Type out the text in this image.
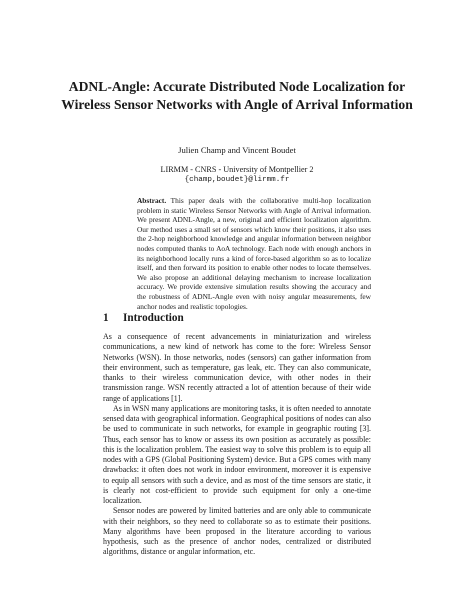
ADNL-Angle: Accurate Distributed Node Localization for Wireless Sensor Networks with Angle of Arrival Information
Julien Champ and Vincent Boudet
LIRMM - CNRS - University of Montpellier 2
{champ,boudet}@lirmm.fr
Abstract. This paper deals with the collaborative multi-hop localization problem in static Wireless Sensor Networks with Angle of Arrival information. We present ADNL-Angle, a new, original and efficient localization algorithm. Our method uses a small set of sensors which know their positions, it also uses the 2-hop neighborhood knowledge and angular information between neighbor nodes computed thanks to AoA technology. Each node with enough anchors in its neighborhood locally runs a kind of force-based algorithm so as to localize itself, and then forward its position to enable other nodes to locate themselves. We also propose an additional delaying mechanism to increase localization accuracy. We provide extensive simulation results showing the accuracy and the robustness of ADNL-Angle even with noisy angular measurements, few anchor nodes and realistic topologies.
1 Introduction

As a consequence of recent advancements in miniaturization and wireless communications, a new kind of network has come to the fore: Wireless Sensor Networks (WSN). In those networks, nodes (sensors) can gather information from their environment, such as temperature, gas leak, etc. They can also communicate, thanks to their wireless communication device, with other nodes in their transmission range. WSN recently attracted a lot of attention because of their wide range of applications [1].

As in WSN many applications are monitoring tasks, it is often needed to annotate sensed data with geographical information. Geographical positions of nodes can also be used to communicate in such networks, for example in geographic routing [3]. Thus, each sensor has to know or assess its own position as accurately as possible: this is the localization problem. The easiest way to solve this problem is to equip all nodes with a GPS (Global Positioning System) device. But a GPS comes with many drawbacks: it often does not work in indoor environment, moreover it is expensive to equip all sensors with such a device, and as most of the time sensors are static, it is clearly not cost-efficient to provide such equipment for only a one-time localization.

Sensor nodes are powered by limited batteries and are only able to communicate with their neighbors, so they need to collaborate so as to estimate their positions. Many algorithms have been proposed in the literature according to various hypothesis, such as the presence of anchor nodes, centralized or distributed algorithms, distance or angular information, etc.
